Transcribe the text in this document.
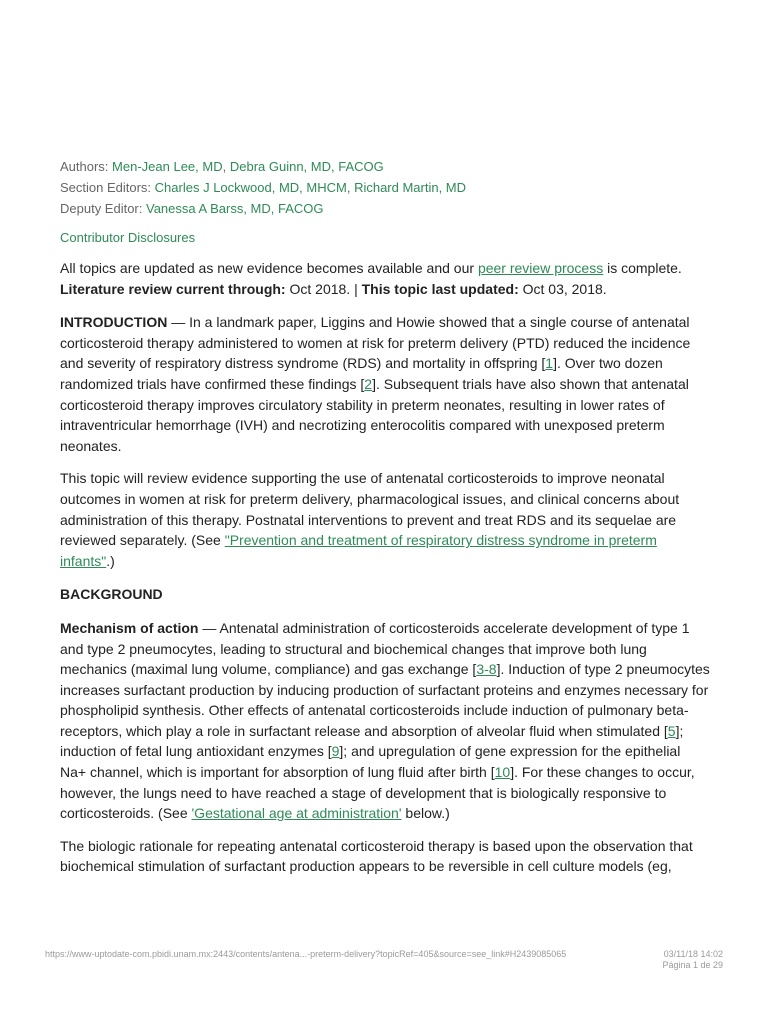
Authors: Men-Jean Lee, MD, Debra Guinn, MD, FACOG
Section Editors: Charles J Lockwood, MD, MHCM, Richard Martin, MD
Deputy Editor: Vanessa A Barss, MD, FACOG
Contributor Disclosures

All topics are updated as new evidence becomes available and our peer review process is complete.
Literature review current through: Oct 2018. | This topic last updated: Oct 03, 2018.

INTRODUCTION — In a landmark paper, Liggins and Howie showed that a single course of antenatal corticosteroid therapy administered to women at risk for preterm delivery (PTD) reduced the incidence and severity of respiratory distress syndrome (RDS) and mortality in offspring [1]. Over two dozen randomized trials have confirmed these findings [2]. Subsequent trials have also shown that antenatal corticosteroid therapy improves circulatory stability in preterm neonates, resulting in lower rates of intraventricular hemorrhage (IVH) and necrotizing enterocolitis compared with unexposed preterm neonates.

This topic will review evidence supporting the use of antenatal corticosteroids to improve neonatal outcomes in women at risk for preterm delivery, pharmacological issues, and clinical concerns about administration of this therapy. Postnatal interventions to prevent and treat RDS and its sequelae are reviewed separately. (See "Prevention and treatment of respiratory distress syndrome in preterm infants".)

BACKGROUND

Mechanism of action — Antenatal administration of corticosteroids accelerate development of type 1 and type 2 pneumocytes, leading to structural and biochemical changes that improve both lung mechanics (maximal lung volume, compliance) and gas exchange [3-8]. Induction of type 2 pneumocytes increases surfactant production by inducing production of surfactant proteins and enzymes necessary for phospholipid synthesis. Other effects of antenatal corticosteroids include induction of pulmonary beta-receptors, which play a role in surfactant release and absorption of alveolar fluid when stimulated [5]; induction of fetal lung antioxidant enzymes [9]; and upregulation of gene expression for the epithelial Na+ channel, which is important for absorption of lung fluid after birth [10]. For these changes to occur, however, the lungs need to have reached a stage of development that is biologically responsive to corticosteroids. (See 'Gestational age at administration' below.)

The biologic rationale for repeating antenatal corticosteroid therapy is based upon the observation that biochemical stimulation of surfactant production appears to be reversible in cell culture models (eg,

https://www-uptodate-com.pbidi.unam.mx:2443/contents/antena...-preterm-delivery?topicRef=405&source=see_link#H2439085065	03/11/18 14:02
Página 1 de 29
